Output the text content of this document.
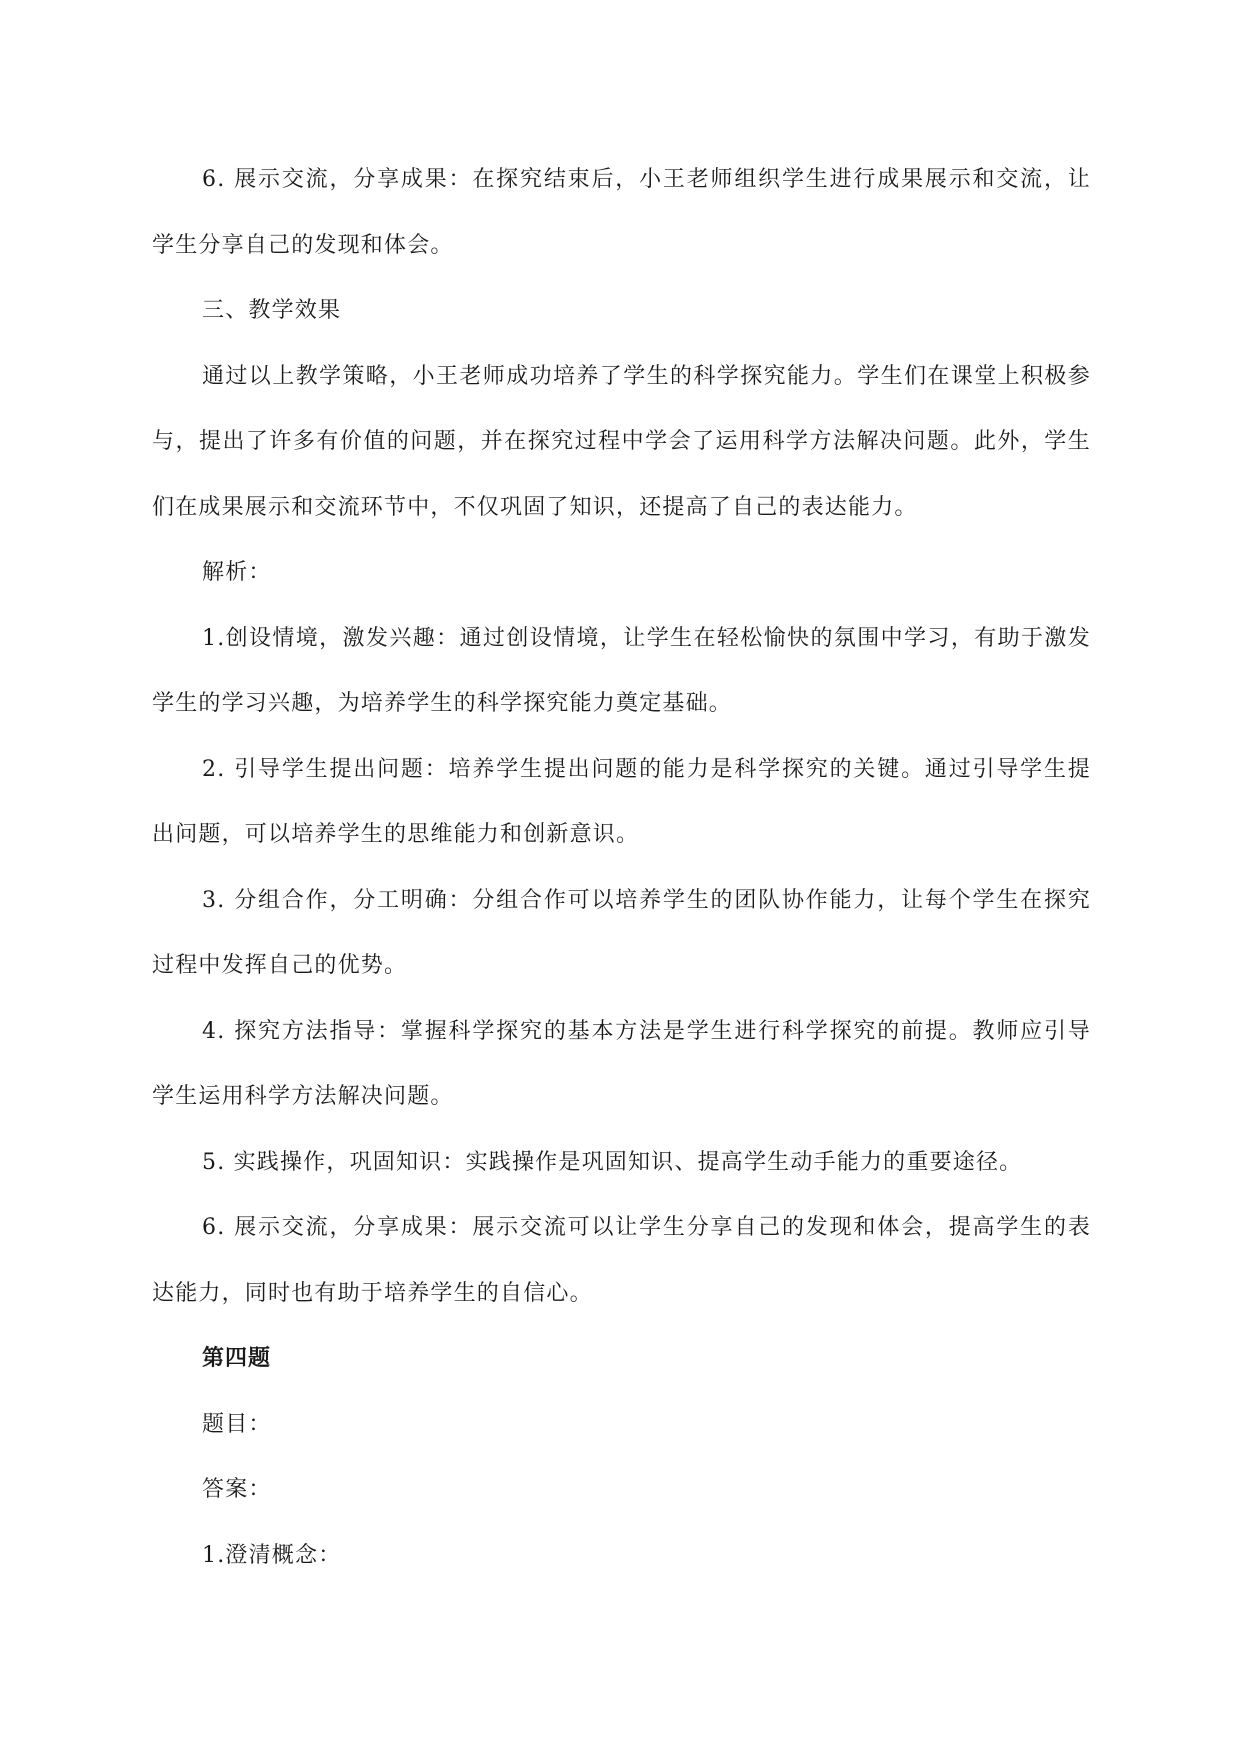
6. 展示交流，分享成果：在探究结束后，小王老师组织学生进行成果展示和交流，让学生分享自己的发现和体会。

三、教学效果

通过以上教学策略，小王老师成功培养了学生的科学探究能力。学生们在课堂上积极参与，提出了许多有价值的问题，并在探究过程中学会了运用科学方法解决问题。此外，学生们在成果展示和交流环节中，不仅巩固了知识，还提高了自己的表达能力。

解析：

1.创设情境，激发兴趣：通过创设情境，让学生在轻松愉快的氛围中学习，有助于激发学生的学习兴趣，为培养学生的科学探究能力奠定基础。

2. 引导学生提出问题：培养学生提出问题的能力是科学探究的关键。通过引导学生提出问题，可以培养学生的思维能力和创新意识。

3. 分组合作，分工明确：分组合作可以培养学生的团队协作能力，让每个学生在探究过程中发挥自己的优势。

4. 探究方法指导：掌握科学探究的基本方法是学生进行科学探究的前提。教师应引导学生运用科学方法解决问题。

5. 实践操作，巩固知识：实践操作是巩固知识、提高学生动手能力的重要途径。

6. 展示交流，分享成果：展示交流可以让学生分享自己的发现和体会，提高学生的表达能力，同时也有助于培养学生的自信心。

第四题

题目：

答案：

1.澄清概念：
